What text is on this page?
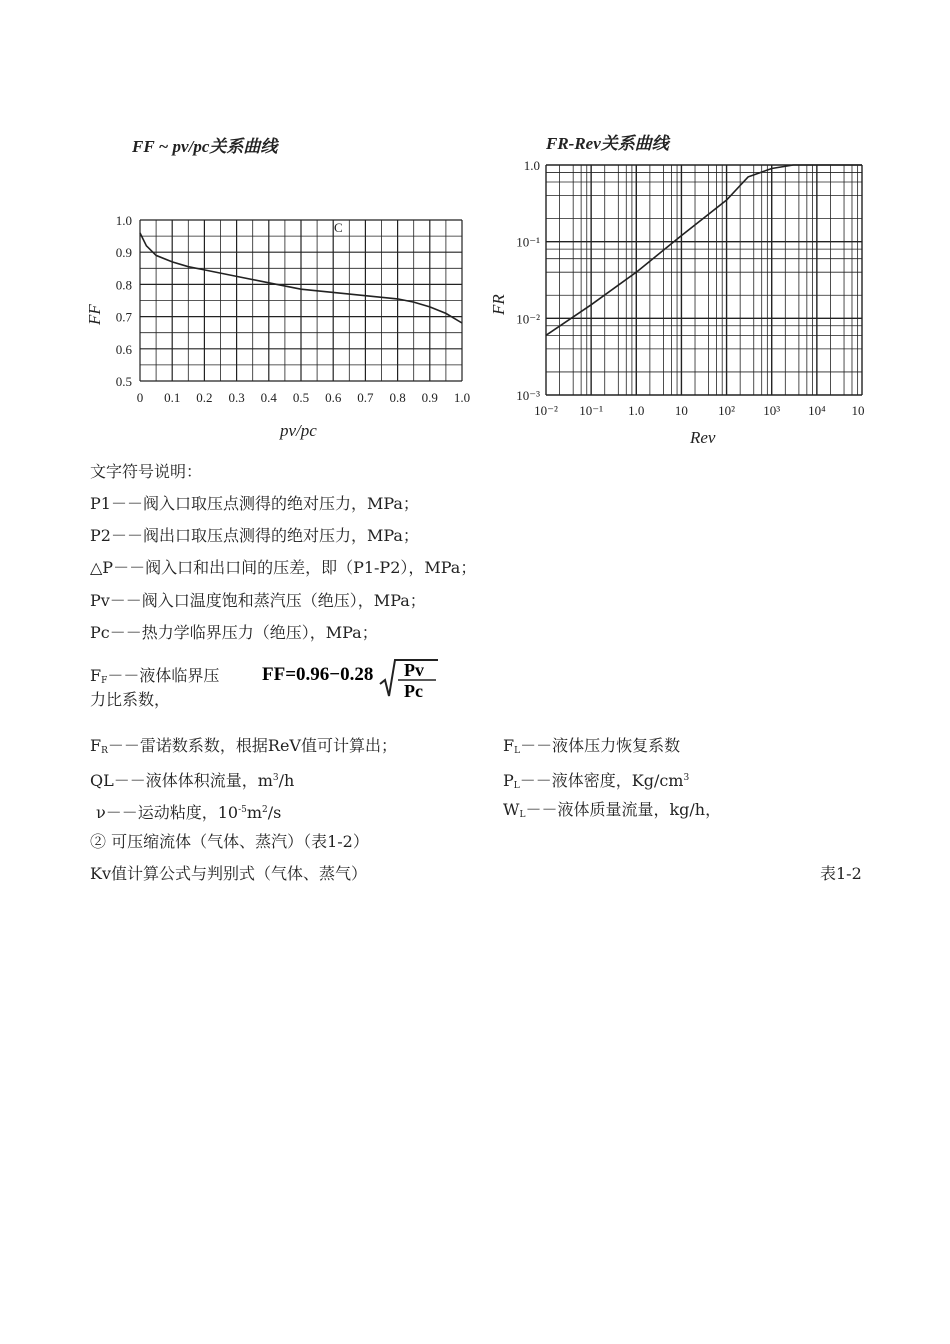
FF ~ pv/pc关系曲线
0 0.1 0.2 0.3 0.4 0.5 0.6 0.7 0.8 0.9 1.0
0.5
0.6
0.7
0.8
0.9
1.0	C
pv/pc
FF
FR-Rev关系曲线
10⁻² 10⁻¹ 1.0 10 10² 10³ 10⁴ 10
1.0
10⁻¹
10⁻²
10⁻³
Rev
FR
文字符号说明：
P1－－阀入口取压点测得的绝对压力，MPa；
P2－－阀出口取压点测得的绝对压力，MPa；
△P－－阀入口和出口间的压差，即（P1-P2），MPa；
Pv－－阀入口温度饱和蒸汽压（绝压），MPa；
Pc－－热力学临界压力（绝压），MPa；
$F_F--$液体临界压
力比系数，
FF=0.96−0.28 Pv
Pc
$F_R--$雷诺数系数，根据ReV值可计算出；	$F_L--$液体压力恢复系数
QL－－液体体积流量，$m^3/h$	$P_L--$液体密度，$Kg/cm^3$
ν－－运动粘度，$10^{-5}m^2/s$	$W_L--$液体质量流量，kg/h，
② 可压缩流体（气体、蒸汽）（表1-2）
Kv值计算公式与判别式（气体、蒸气）	表1-2
